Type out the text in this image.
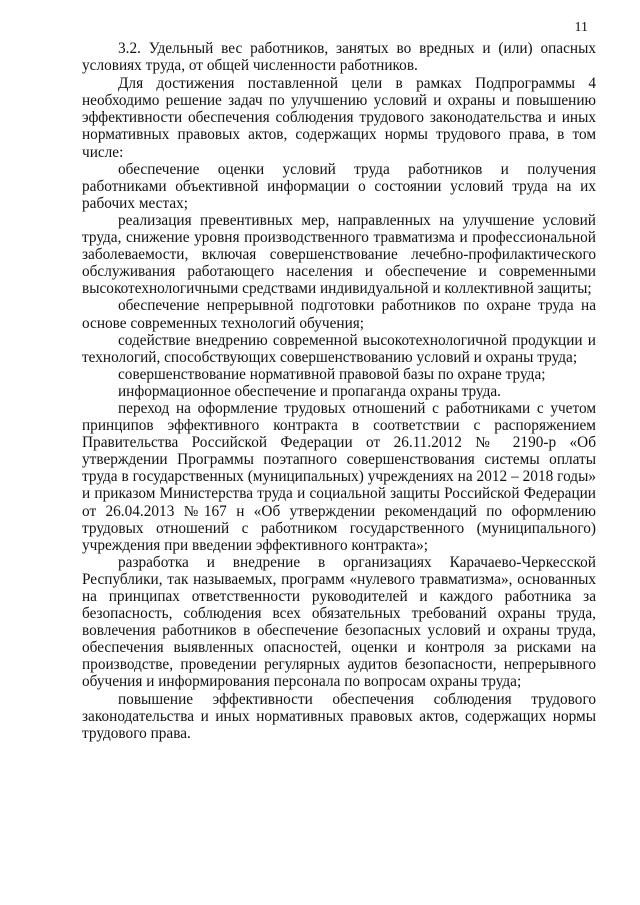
11

3.2. Удельный вес работников, занятых во вредных и (или) опасных условиях труда, от общей численности работников.

Для достижения поставленной цели в рамках Подпрограммы 4 необходимо решение задач по улучшению условий и охраны и повышению эффективности обеспечения соблюдения трудового законодательства и иных нормативных правовых актов, содержащих нормы трудового права, в том числе:

обеспечение оценки условий труда работников и получения работниками объективной информации о состоянии условий труда на их рабочих местах;

реализация превентивных мер, направленных на улучшение условий труда, снижение уровня производственного травматизма и профессиональной заболеваемости, включая совершенствование лечебно-профилактического обслуживания работающего населения и обеспечение и современными высокотехнологичными средствами индивидуальной и коллективной защиты;

обеспечение непрерывной подготовки работников по охране труда на основе современных технологий обучения;

содействие внедрению современной высокотехнологичной продукции и технологий, способствующих совершенствованию условий и охраны труда;

совершенствование нормативной правовой базы по охране труда;

информационное обеспечение и пропаганда охраны труда.

переход на оформление трудовых отношений с работниками с учетом принципов эффективного контракта в соответствии с распоряжением Правительства Российской Федерации от 26.11.2012 № 2190-р «Об утверждении Программы поэтапного совершенствования системы оплаты труда в государственных (муниципальных) учреждениях на 2012 – 2018 годы» и приказом Министерства труда и социальной защиты Российской Федерации от 26.04.2013 №167 н «Об утверждении рекомендаций по оформлению трудовых отношений с работником государственного (муниципального) учреждения при введении эффективного контракта»;

разработка и внедрение в организациях Карачаево-Черкесской Республики, так называемых, программ «нулевого травматизма», основанных на принципах ответственности руководителей и каждого работника за безопасность, соблюдения всех обязательных требований охраны труда, вовлечения работников в обеспечение безопасных условий и охраны труда, обеспечения выявленных опасностей, оценки и контроля за рисками на производстве, проведении регулярных аудитов безопасности, непрерывного обучения и информирования персонала по вопросам охраны труда;

повышение эффективности обеспечения соблюдения трудового законодательства и иных нормативных правовых актов, содержащих нормы трудового права.
